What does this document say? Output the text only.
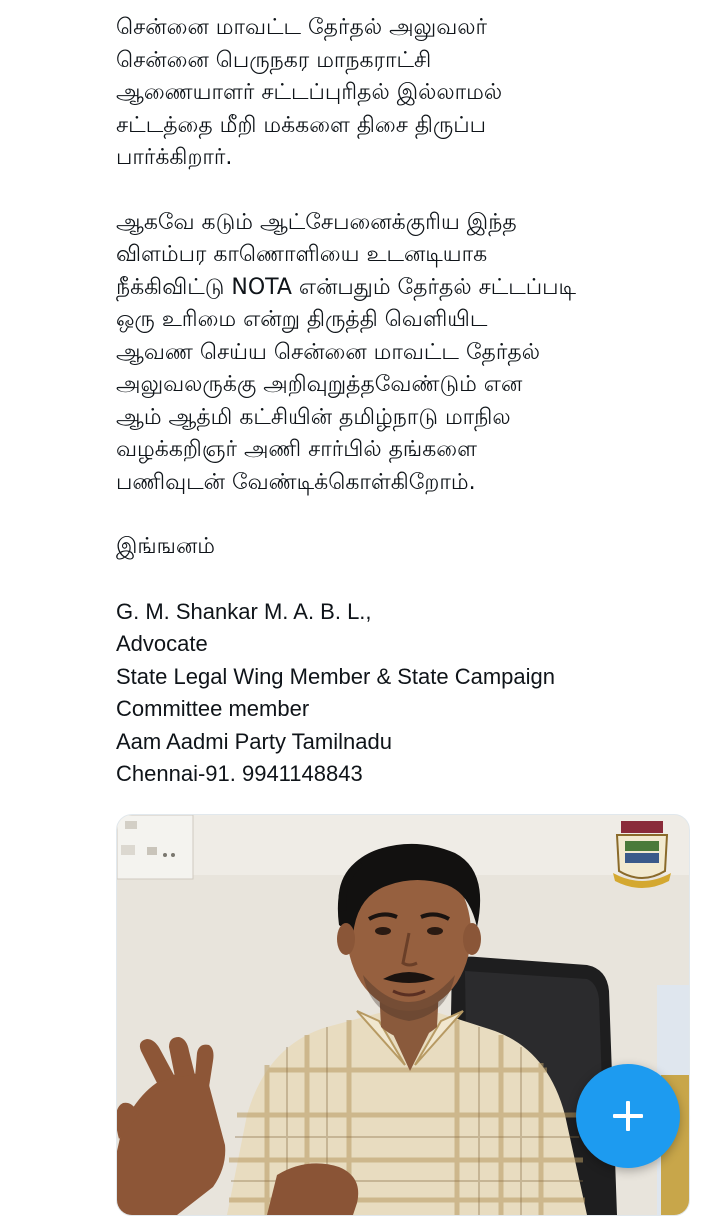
சென்னை மாவட்ட தேர்தல் அலுவலர்
சென்னை பெருநகர மாநகராட்சி
ஆணையாளர் சட்டப்புரிதல் இல்லாமல்
சட்டத்தை மீறி மக்களை திசை திருப்ப
பார்க்கிறார்.
ஆகவே கடும் ஆட்சேபனைக்குரிய இந்த
விளம்பர காணொளியை உடனடியாக
நீக்கிவிட்டு NOTA என்பதும் தேர்தல் சட்டப்படி
ஒரு உரிமை என்று திருத்தி வெளியிட
ஆவண செய்ய சென்னை மாவட்ட தேர்தல்
அலுவலருக்கு அறிவுறுத்தவேண்டும் என
ஆம் ஆத்மி கட்சியின் தமிழ்நாடு மாநில
வழக்கறிஞர் அணி சார்பில் தங்களை
பணிவுடன் வேண்டிக்கொள்கிறோம்.
இங்ஙனம்
G. M. Shankar M. A. B. L.,
Advocate
State Legal Wing Member & State Campaign
Committee member
Aam Aadmi Party Tamilnadu
Chennai-91. 9941148843
